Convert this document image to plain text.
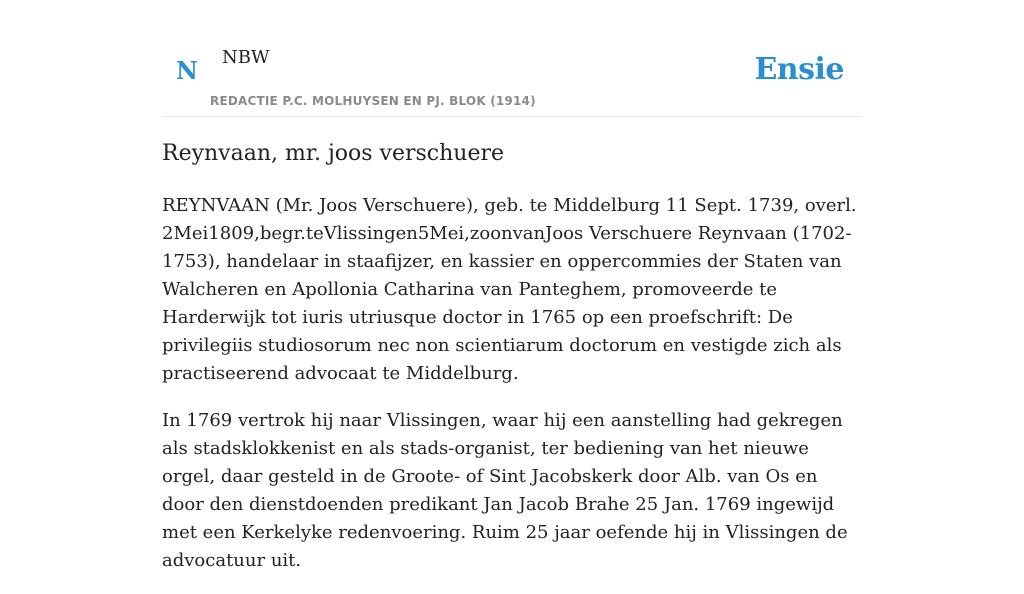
N NBW
REDACTIE P.C. MOLHUYSEN EN PJ. BLOK (1914)
Ensie
Reynvaan, mr. joos verschuere

REYNVAAN (Mr. Joos Verschuere), geb. te Middelburg 11 Sept. 1739, overl. 2Mei1809,begr.teVlissingen5Mei,zoonvanJoos Verschuere Reynvaan (1702-1753), handelaar in staafijzer, en kassier en oppercommies der Staten van Walcheren en Apollonia Catharina van Panteghem, promoveerde te Harderwijk tot iuris utriusque doctor in 1765 op een proefschrift: De privilegiis studiosorum nec non scientiarum doctorum en vestigde zich als practiseerend advocaat te Middelburg.

In 1769 vertrok hij naar Vlissingen, waar hij een aanstelling had gekregen als stadsklokkenist en als stads-organist, ter bediening van het nieuwe orgel, daar gesteld in de Groote- of Sint Jacobskerk door Alb. van Os en door den dienstdoenden predikant Jan Jacob Brahe 25 Jan. 1769 ingewijd met een Kerkelyke redenvoering. Ruim 25 jaar oefende hij in Vlissingen de advocatuur uit.
